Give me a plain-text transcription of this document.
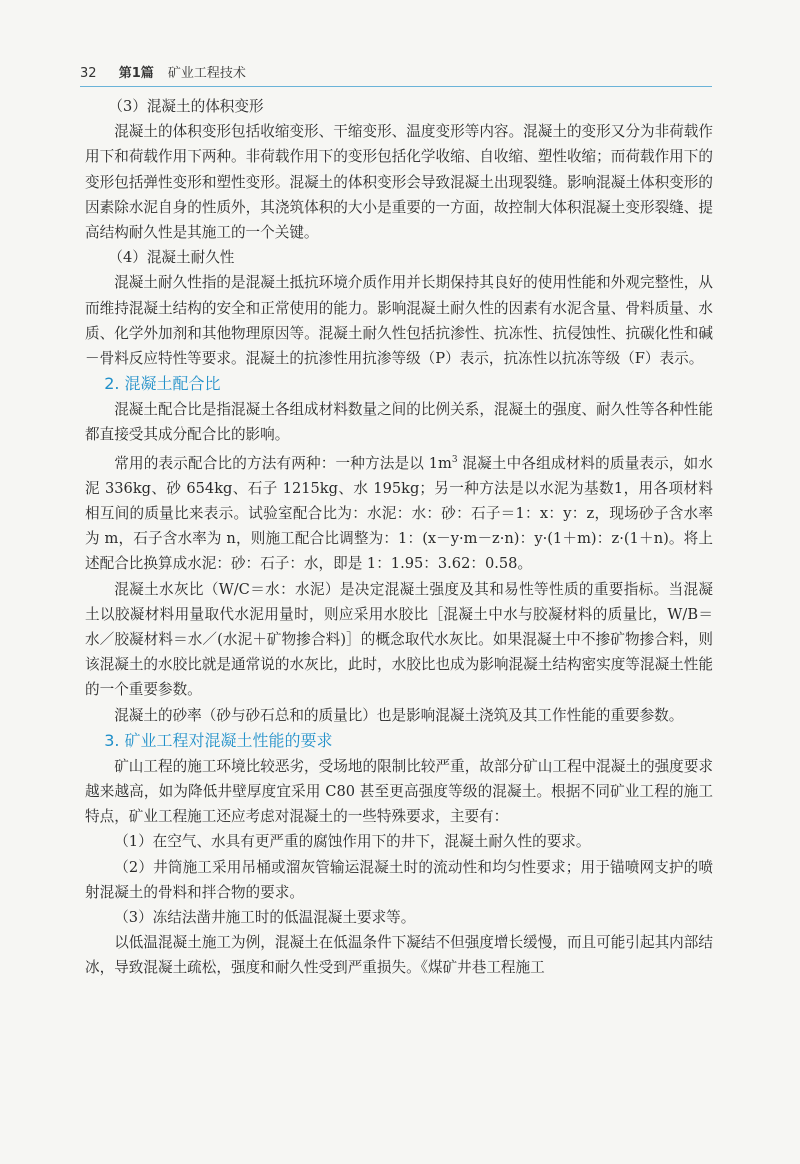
32 第1篇 矿业工程技术

（3）混凝土的体积变形

混凝土的体积变形包括收缩变形、干缩变形、温度变形等内容。混凝土的变形又分为非荷载作用下和荷载作用下两种。非荷载作用下的变形包括化学收缩、自收缩、塑性收缩；而荷载作用下的变形包括弹性变形和塑性变形。混凝土的体积变形会导致混凝土出现裂缝。影响混凝土体积变形的因素除水泥自身的性质外，其浇筑体积的大小是重要的一方面，故控制大体积混凝土变形裂缝、提高结构耐久性是其施工的一个关键。

（4）混凝土耐久性

混凝土耐久性指的是混凝土抵抗环境介质作用并长期保持其良好的使用性能和外观完整性，从而维持混凝土结构的安全和正常使用的能力。影响混凝土耐久性的因素有水泥含量、骨料质量、水质、化学外加剂和其他物理原因等。混凝土耐久性包括抗渗性、抗冻性、抗侵蚀性、抗碳化性和碱－骨料反应特性等要求。混凝土的抗渗性用抗渗等级（P）表示，抗冻性以抗冻等级（F）表示。

2. 混凝土配合比

混凝土配合比是指混凝土各组成材料数量之间的比例关系，混凝土的强度、耐久性等各种性能都直接受其成分配合比的影响。

常用的表示配合比的方法有两种：一种方法是以 $1m^3$ 混凝土中各组成材料的质量表示，如水泥 336kg、砂 654kg、石子 1215kg、水 195kg；另一种方法是以水泥为基数1，用各项材料相互间的质量比来表示。试验室配合比为：水泥：水：砂：石子＝1：x：y：z，现场砂子含水率为 m，石子含水率为 n，则施工配合比调整为：1：(x－y·m－z·n)：y·(1＋m)：z·(1＋n)。将上述配合比换算成水泥：砂：石子：水，即是 1：1.95：3.62：0.58。

混凝土水灰比（W/C＝水：水泥）是决定混凝土强度及其和易性等性质的重要指标。当混凝土以胶凝材料用量取代水泥用量时，则应采用水胶比［混凝土中水与胶凝材料的质量比，W/B＝水／胶凝材料＝水／(水泥＋矿物掺合料)］的概念取代水灰比。如果混凝土中不掺矿物掺合料，则该混凝土的水胶比就是通常说的水灰比，此时，水胶比也成为影响混凝土结构密实度等混凝土性能的一个重要参数。

混凝土的砂率（砂与砂石总和的质量比）也是影响混凝土浇筑及其工作性能的重要参数。

3. 矿业工程对混凝土性能的要求

矿山工程的施工环境比较恶劣，受场地的限制比较严重，故部分矿山工程中混凝土的强度要求越来越高，如为降低井壁厚度宜采用 C80 甚至更高强度等级的混凝土。根据不同矿业工程的施工特点，矿业工程施工还应考虑对混凝土的一些特殊要求，主要有：

（1）在空气、水具有更严重的腐蚀作用下的井下，混凝土耐久性的要求。

（2）井筒施工采用吊桶或溜灰管输运混凝土时的流动性和均匀性要求；用于锚喷网支护的喷射混凝土的骨料和拌合物的要求。

（3）冻结法凿井施工时的低温混凝土要求等。

以低温混凝土施工为例，混凝土在低温条件下凝结不但强度增长缓慢，而且可能引起其内部结冰，导致混凝土疏松，强度和耐久性受到严重损失。《煤矿井巷工程施工
